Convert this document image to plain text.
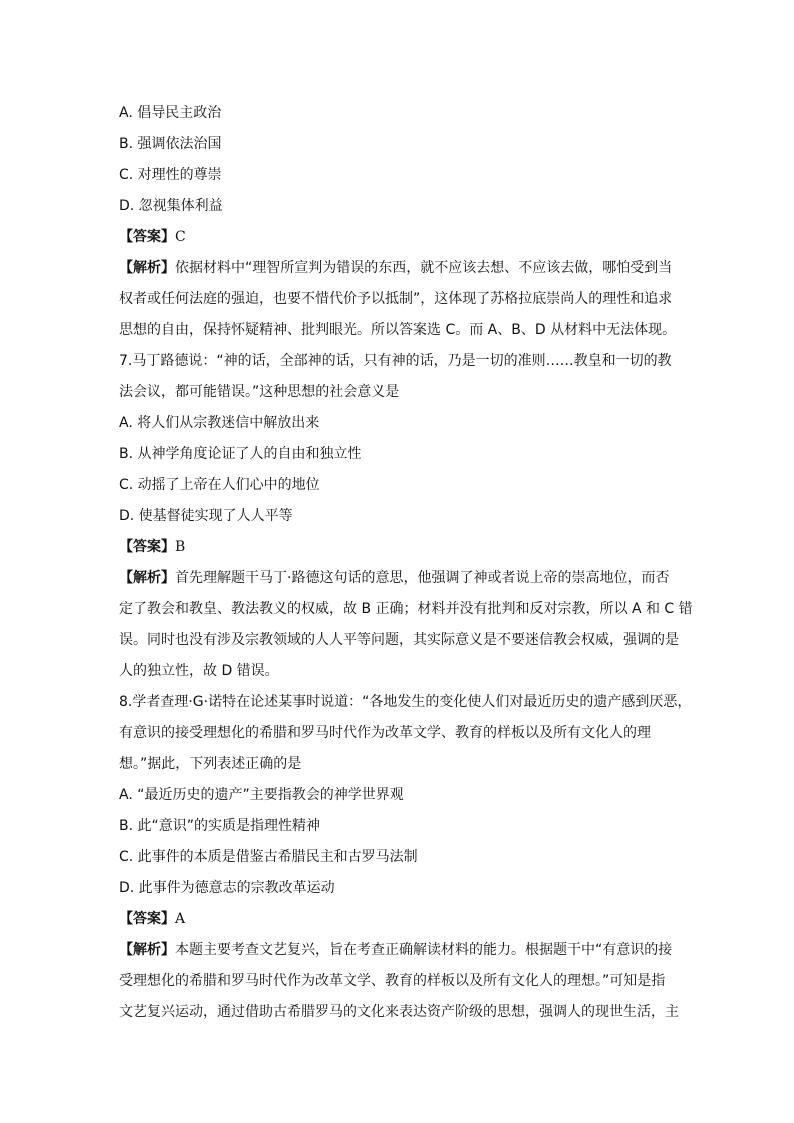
A. 倡导民主政治
B. 强调依法治国
C. 对理性的尊崇
D. 忽视集体利益
【答案】C
【解析】依据材料中“理智所宣判为错误的东西，就不应该去想、不应该去做，哪怕受到当
权者或任何法庭的强迫，也要不惜代价予以抵制”，这体现了苏格拉底崇尚人的理性和追求
思想的自由，保持怀疑精神、批判眼光。所以答案选 C。而 A、B、D 从材料中无法体现。
7.马丁路德说：“神的话，全部神的话，只有神的话，乃是一切的准则……教皇和一切的教
法会议，都可能错误。”这种思想的社会意义是
A. 将人们从宗教迷信中解放出来
B. 从神学角度论证了人的自由和独立性
C. 动摇了上帝在人们心中的地位
D. 使基督徒实现了人人平等
【答案】B
【解析】首先理解题干马丁·路德这句话的意思，他强调了神或者说上帝的崇高地位，而否
定了教会和教皇、教法教义的权威，故 B 正确；材料并没有批判和反对宗教，所以 A 和 C 错
误。同时也没有涉及宗教领域的人人平等问题，其实际意义是不要迷信教会权威，强调的是
人的独立性，故 D 错误。
8.学者查理·G·诺特在论述某事时说道：“各地发生的变化使人们对最近历史的遗产感到厌恶，
有意识的接受理想化的希腊和罗马时代作为改革文学、教育的样板以及所有文化人的理
想。”据此，下列表述正确的是
A. “最近历史的遗产”主要指教会的神学世界观
B. 此“意识”的实质是指理性精神
C. 此事件的本质是借鉴古希腊民主和古罗马法制
D. 此事件为德意志的宗教改革运动
【答案】A
【解析】本题主要考查文艺复兴，旨在考查正确解读材料的能力。根据题干中“有意识的接
受理想化的希腊和罗马时代作为改革文学、教育的样板以及所有文化人的理想。”可知是指
文艺复兴运动，通过借助古希腊罗马的文化来表达资产阶级的思想，强调人的现世生活，主
